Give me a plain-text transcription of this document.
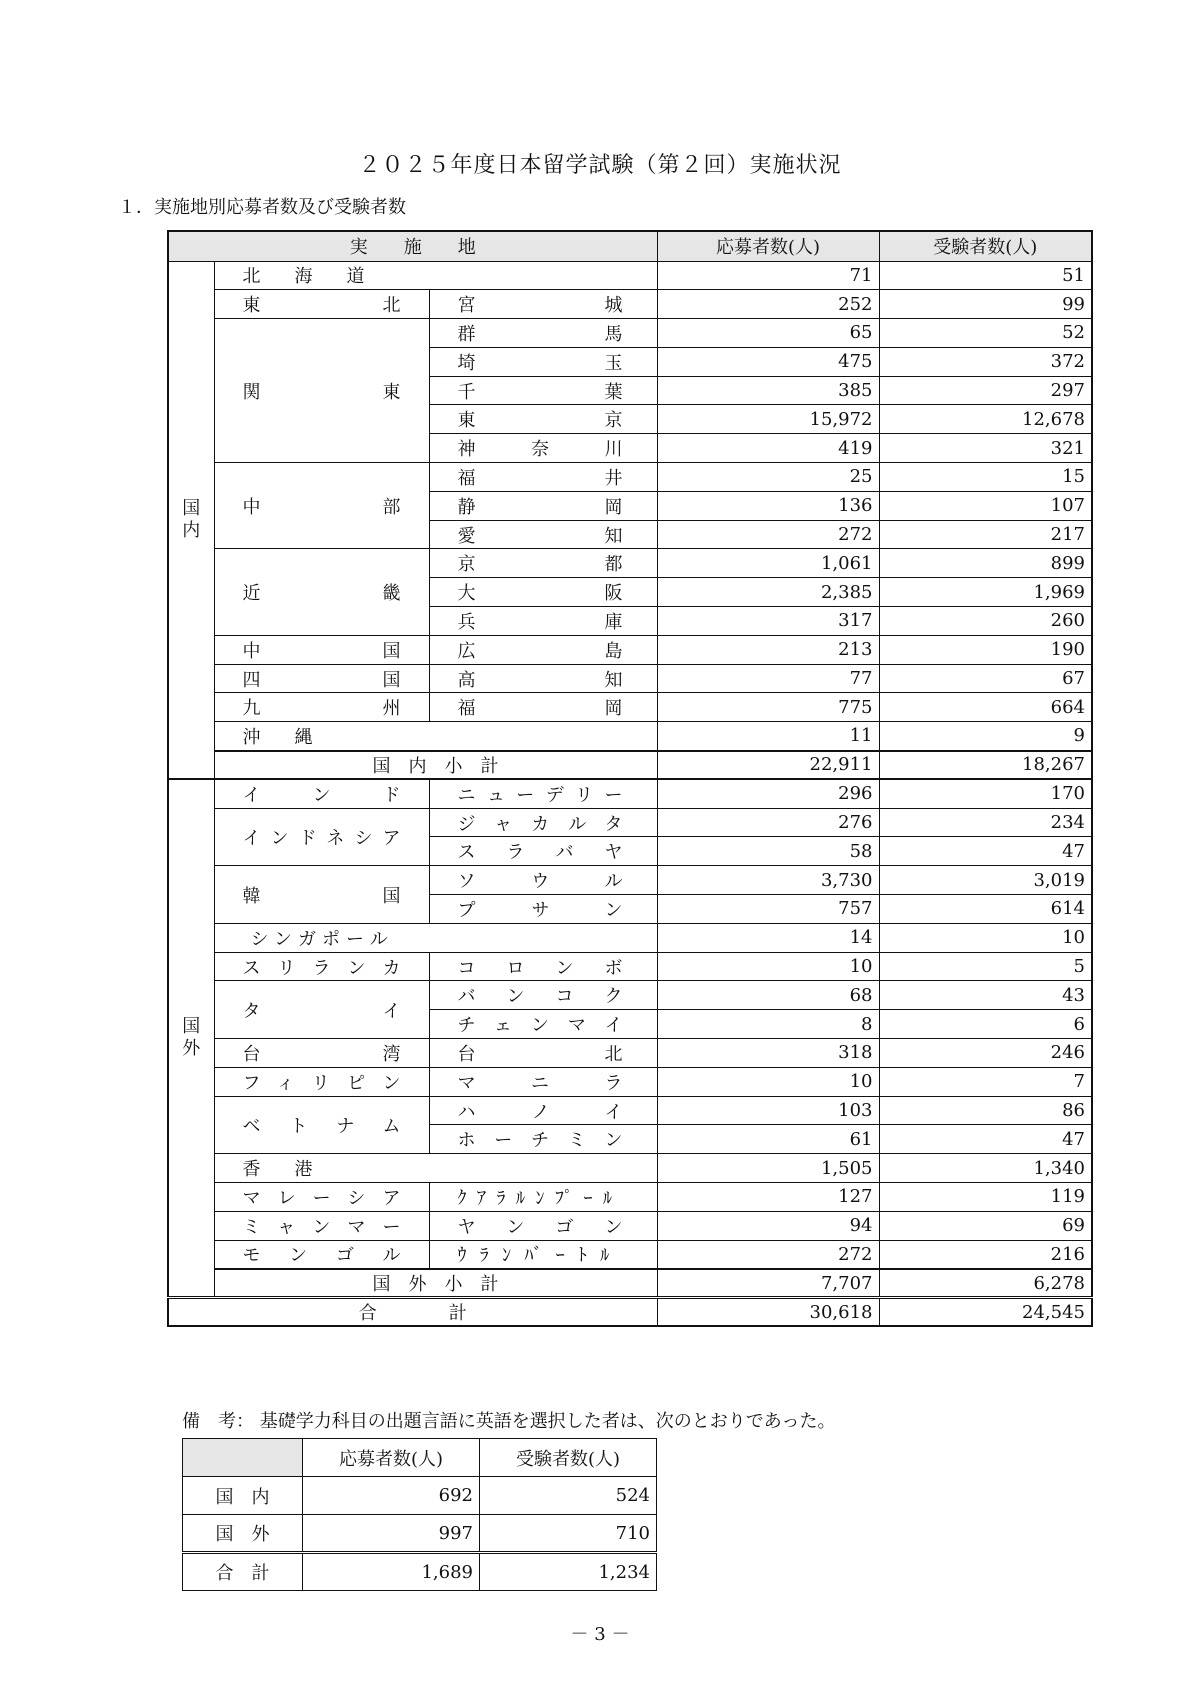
２０２５年度日本留学試験（第２回）実施状況
１．実施地別応募者数及び受験者数
実　　施　　地			応募者数(人)	受験者数(人)
国内	北海道		71	51
	東北	宮城	252	99
	関東	群馬	65	52
		埼玉	475	372
		千葉	385	297
		東京	15,972	12,678
		神奈川	419	321
	中部	福井	25	15
		静岡	136	107
		愛知	272	217
	近畿	京都	1,061	899
		大阪	2,385	1,969
		兵庫	317	260
	中国	広島	213	190
	四国	高知	77	67
	九州	福岡	775	664
	沖縄		11	9
	国　内　小　計		22,911	18,267
国外	インド	ニューデリー	296	170
	インドネシア	ジャカルタ	276	234
		スラバヤ	58	47
	韓国	ソウル	3,730	3,019
		プサン	757	614
	シンガポール		14	10
	スリランカ	コロンボ	10	5
	タイ	バンコク	68	43
		チェンマイ	8	6
	台湾	台北	318	246
	フィリピン	マニラ	10	7
	ベトナム	ハノイ	103	86
		ホーチミン	61	47
	香港		1,505	1,340
	マレーシア	ｸｱﾗﾙﾝﾌﾟｰﾙ	127	119
	ミャンマー	ヤンゴン	94	69
	モンゴル	ｳﾗﾝﾊﾞｰﾄﾙ	272	216
	国　外　小　計		7,707	6,278
合　　　　計			30,618	24,545
備　考： 基礎学力科目の出題言語に英語を選択した者は、次のとおりであった。
	応募者数(人)	受験者数(人)
国　内	692	524
国　外	997	710
合　計	1,689	1,234
－ 3 －
